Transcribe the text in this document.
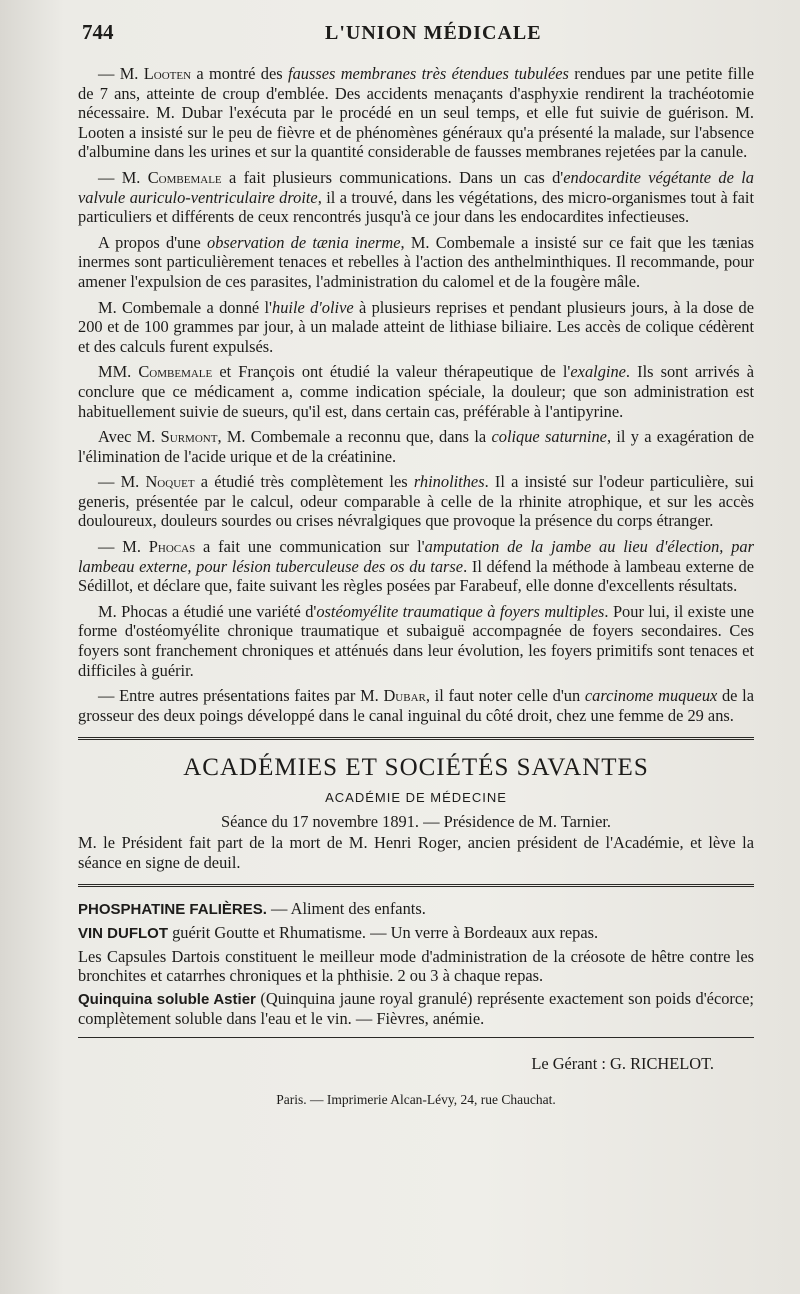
744	L'UNION MÉDICALE

— M. Looten a montré des fausses membranes très étendues tubulées rendues par une petite fille de 7 ans, atteinte de croup d'emblée. Des accidents menaçants d'asphyxie rendirent la trachéotomie nécessaire. M. Dubar l'exécuta par le procédé en un seul temps, et elle fut suivie de guérison. M. Looten a insisté sur le peu de fièvre et de phénomènes généraux qu'a présenté la malade, sur l'absence d'albumine dans les urines et sur la quantité considerable de fausses membranes rejetées par la canule.

— M. Combemale a fait plusieurs communications. Dans un cas d'endocardite végétante de la valvule auriculo-ventriculaire droite, il a trouvé, dans les végétations, des micro-organismes tout à fait particuliers et différents de ceux rencontrés jusqu'à ce jour dans les endocardites infectieuses.

A propos d'une observation de tænia inerme, M. Combemale a insisté sur ce fait que les tænias inermes sont particulièrement tenaces et rebelles à l'action des anthelminthiques. Il recommande, pour amener l'expulsion de ces parasites, l'administration du calomel et de la fougère mâle.

M. Combemale a donné l'huile d'olive à plusieurs reprises et pendant plusieurs jours, à la dose de 200 et de 100 grammes par jour, à un malade atteint de lithiase biliaire. Les accès de colique cédèrent et des calculs furent expulsés.

MM. Combemale et François ont étudié la valeur thérapeutique de l'exalgine. Ils sont arrivés à conclure que ce médicament a, comme indication spéciale, la douleur; que son administration est habituellement suivie de sueurs, qu'il est, dans certain cas, préférable à l'antipyrine.

Avec M. Surmont, M. Combemale a reconnu que, dans la colique saturnine, il y a exagération de l'élimination de l'acide urique et de la créatinine.

— M. Noquet a étudié très complètement les rhinolithes. Il a insisté sur l'odeur particulière, sui generis, présentée par le calcul, odeur comparable à celle de la rhinite atrophique, et sur les accès douloureux, douleurs sourdes ou crises névralgiques que provoque la présence du corps étranger.

— M. Phocas a fait une communication sur l'amputation de la jambe au lieu d'élection, par lambeau externe, pour lésion tuberculeuse des os du tarse. Il défend la méthode à lambeau externe de Sédillot, et déclare que, faite suivant les règles posées par Farabeuf, elle donne d'excellents résultats.

M. Phocas a étudié une variété d'ostéomyélite traumatique à foyers multiples. Pour lui, il existe une forme d'ostéomyélite chronique traumatique et subaiguë accompagnée de foyers secondaires. Ces foyers sont franchement chroniques et atténués dans leur évolution, les foyers primitifs sont tenaces et difficiles à guérir.

— Entre autres présentations faites par M. Dubar, il faut noter celle d'un carcinome muqueux de la grosseur des deux poings développé dans le canal inguinal du côté droit, chez une femme de 29 ans.

ACADÉMIES ET SOCIÉTÉS SAVANTES
ACADÉMIE DE MÉDECINE
Séance du 17 novembre 1891. — Présidence de M. Tarnier.

M. le Président fait part de la mort de M. Henri Roger, ancien président de l'Académie, et lève la séance en signe de deuil.

PHOSPHATINE FALIÈRES. — Aliment des enfants.

VIN DUFLOT guérit Goutte et Rhumatisme. — Un verre à Bordeaux aux repas.

Les Capsules Dartois constituent le meilleur mode d'administration de la créosote de hêtre contre les bronchites et catarrhes chroniques et la phthisie. 2 ou 3 à chaque repas.

Quinquina soluble Astier (Quinquina jaune royal granulé) représente exactement son poids d'écorce; complètement soluble dans l'eau et le vin. — Fièvres, anémie.

Le Gérant : G. RICHELOT.
Paris. — Imprimerie Alcan-Lévy, 24, rue Chauchat.
